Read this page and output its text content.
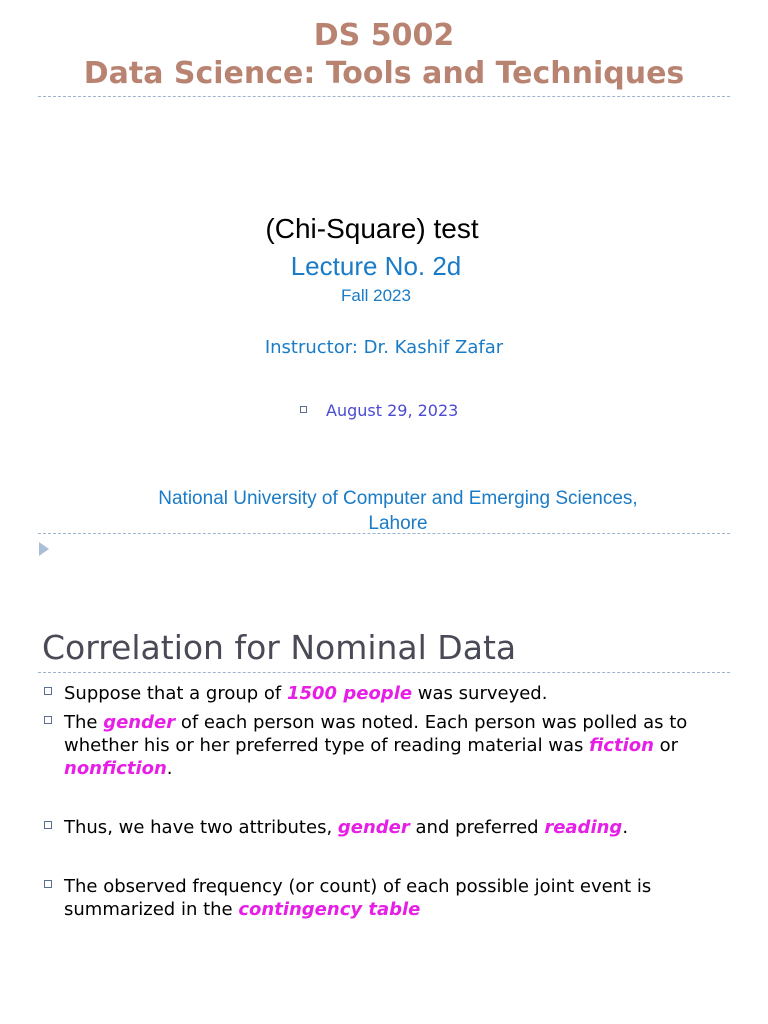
DS 5002
Data Science: Tools and Techniques
(Chi-Square) test
Lecture No. 2d
Fall 2023
Instructor: Dr. Kashif Zafar
August 29, 2023
National University of Computer and Emerging Sciences,
Lahore
Correlation for Nominal Data
Suppose that a group of 1500 people was surveyed.
The gender of each person was noted. Each person was polled as to whether his or her preferred type of reading material was fiction or nonfiction.
Thus, we have two attributes, gender and preferred reading.
The observed frequency (or count) of each possible joint event is summarized in the contingency table
